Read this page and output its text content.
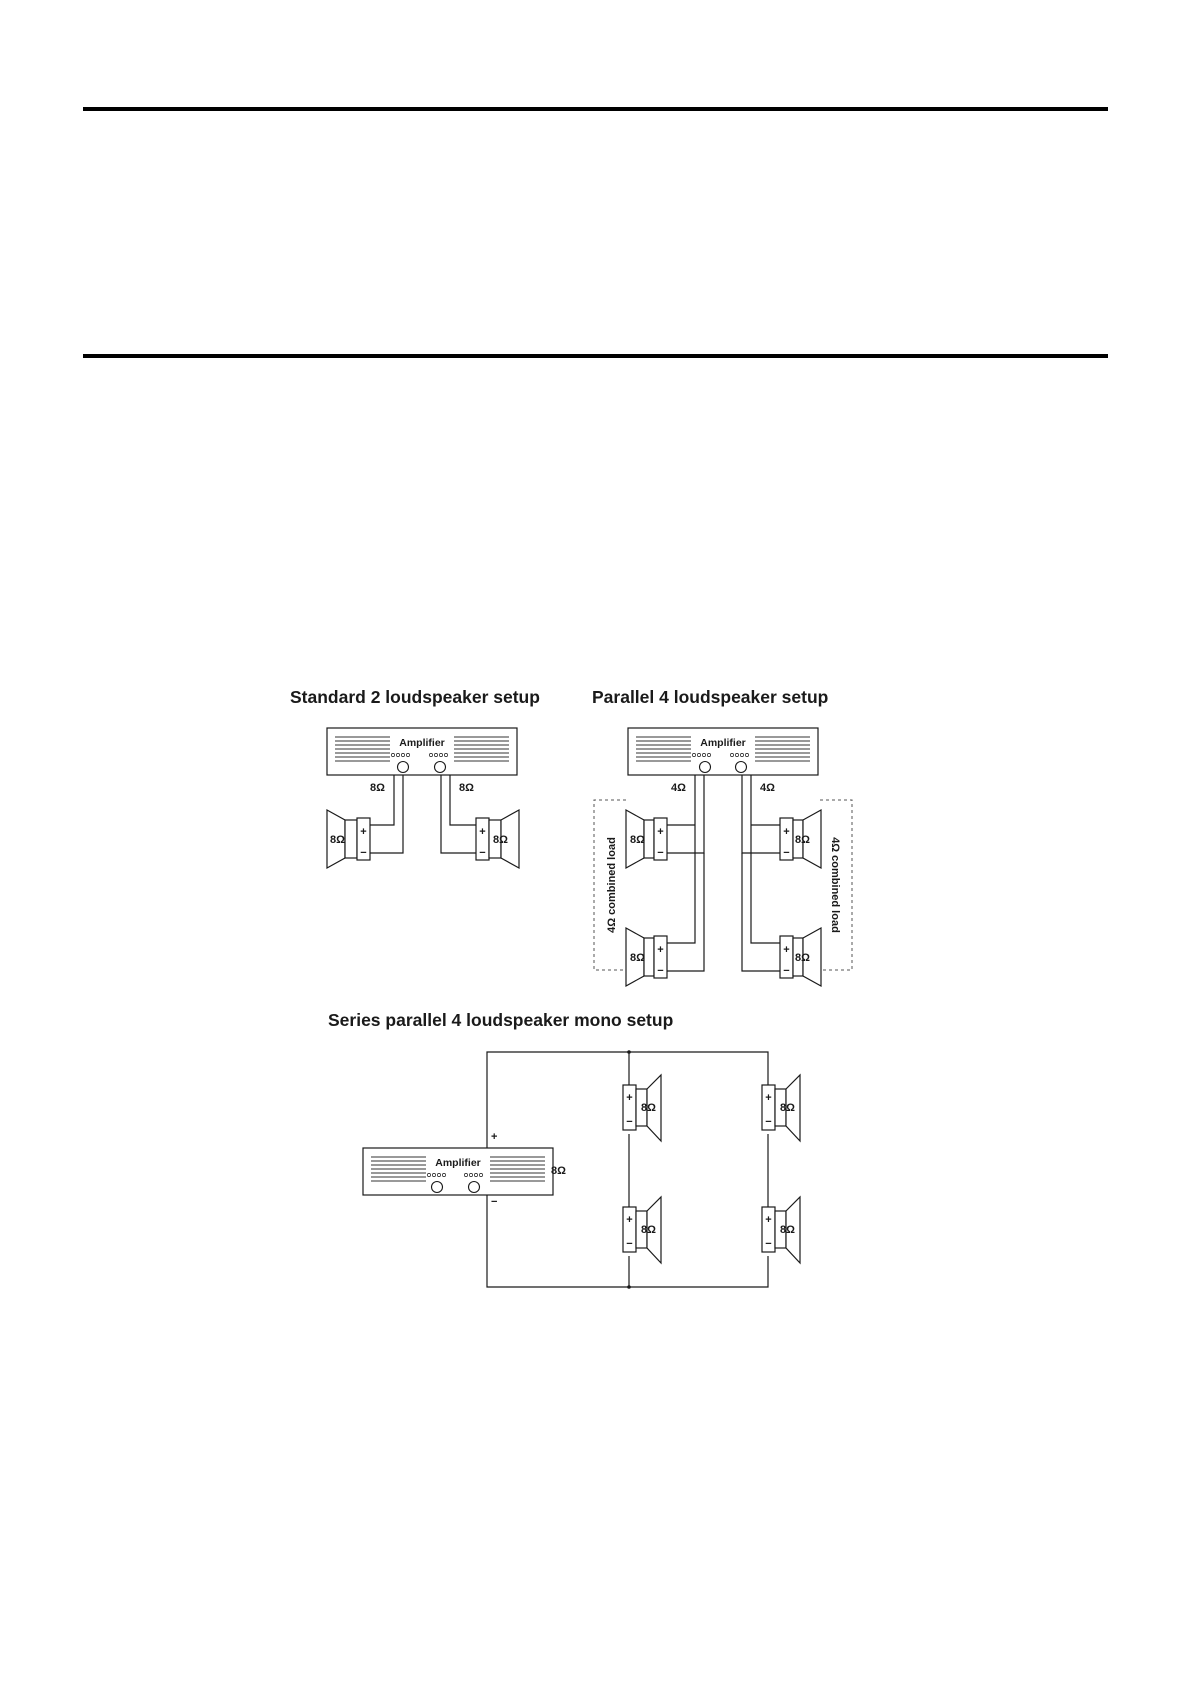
Standard 2 loudspeaker setup
Amplifier
8Ω	8Ω
+
−
8Ω
+
−
8Ω
Parallel 4 loudspeaker setup
Amplifier
4Ω	4Ω
4Ω combined load	4Ω combined load
+
−
8Ω
+
−
8Ω
+
−
8Ω
+
−
8Ω
Series parallel 4 loudspeaker mono setup
+
−
Amplifier
8Ω
+
−
8Ω
+
−
8Ω
+
−
8Ω
+
−
8Ω
